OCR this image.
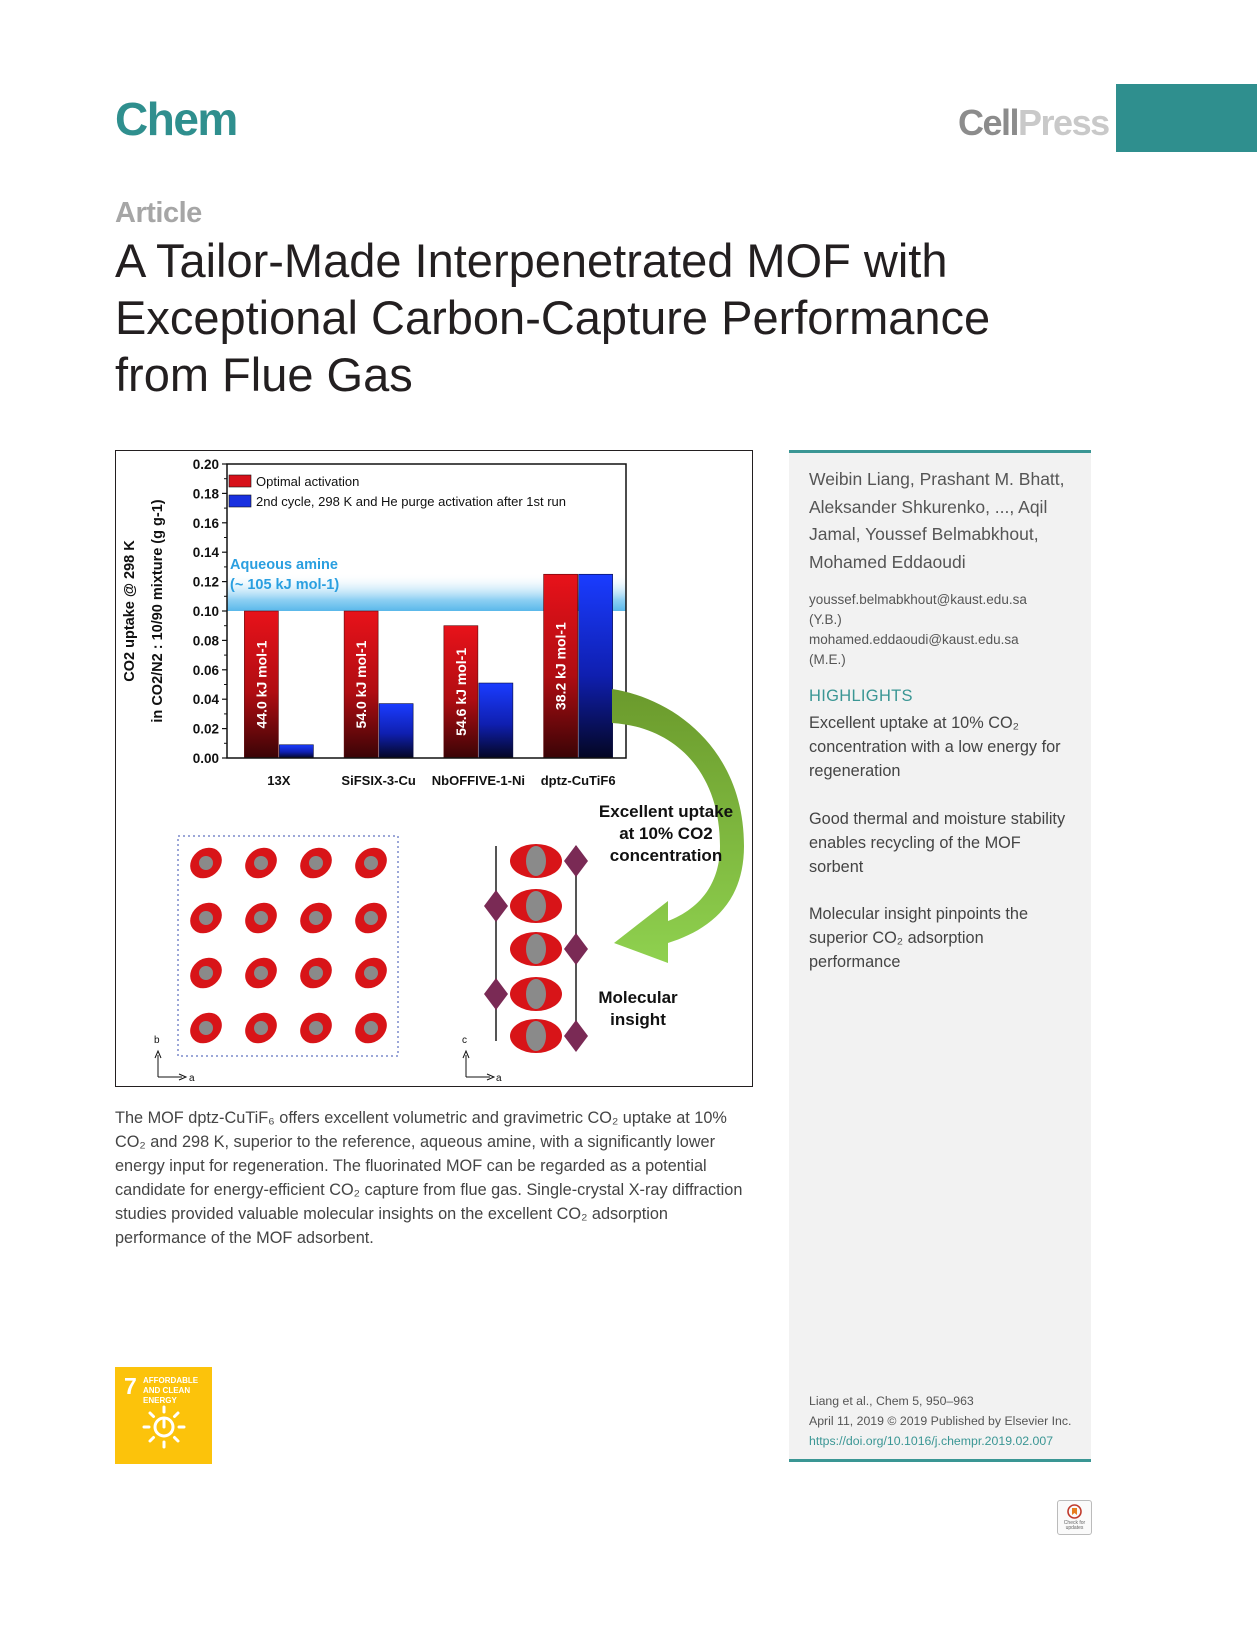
Chem	CellPress
Article
A Tailor-Made Interpenetrated MOF with Exceptional Carbon-Capture Performance from Flue Gas
44.0 kJ mol-1	54.0 kJ mol-1	54.6 kJ mol-1	38.2 kJ mol-1
0.00
0.02
0.04
0.06
0.08
0.10
0.12
0.14
0.16
0.18
0.20
13X	SiFSIX-3-Cu NbOFFIVE-1-Ni dptz-CuTiF6
Optimal activation
2nd cycle, 298 K and He purge activation after 1st run
CO2 uptake @ 298 K in CO2/N2 : 10/90 mixture (g g-1)	Aqueous amine
(~ 105 kJ mol-1)
Excellent uptake
at 10% CO2
concentration
Molecular
insight
b
a
c
a

The MOF dptz-CuTiF₆ offers excellent volumetric and gravimetric CO₂ uptake at 10% CO₂ and 298 K, superior to the reference, aqueous amine, with a significantly lower energy input for regeneration. The fluorinated MOF can be regarded as a potential candidate for energy-efficient CO₂ capture from flue gas. Single-crystal X-ray diffraction studies provided valuable molecular insights on the excellent CO₂ adsorption performance of the MOF adsorbent.

Weibin Liang, Prashant M. Bhatt, Aleksander Shkurenko, ..., Aqil Jamal, Youssef Belmabkhout, Mohamed Eddaoudi

youssef.belmabkhout@kaust.edu.sa
(Y.B.)
mohamed.eddaoudi@kaust.edu.sa
(M.E.)
HIGHLIGHTS

Excellent uptake at 10% CO₂ concentration with a low energy for regeneration

Good thermal and moisture stability enables recycling of the MOF sorbent

Molecular insight pinpoints the superior CO₂ adsorption performance

Liang et al., Chem 5, 950–963
April 11, 2019 © 2019 Published by Elsevier Inc.
https://doi.org/10.1016/j.chempr.2019.02.007
7 AFFORDABLE AND CLEAN ENERGY
Check for updates
